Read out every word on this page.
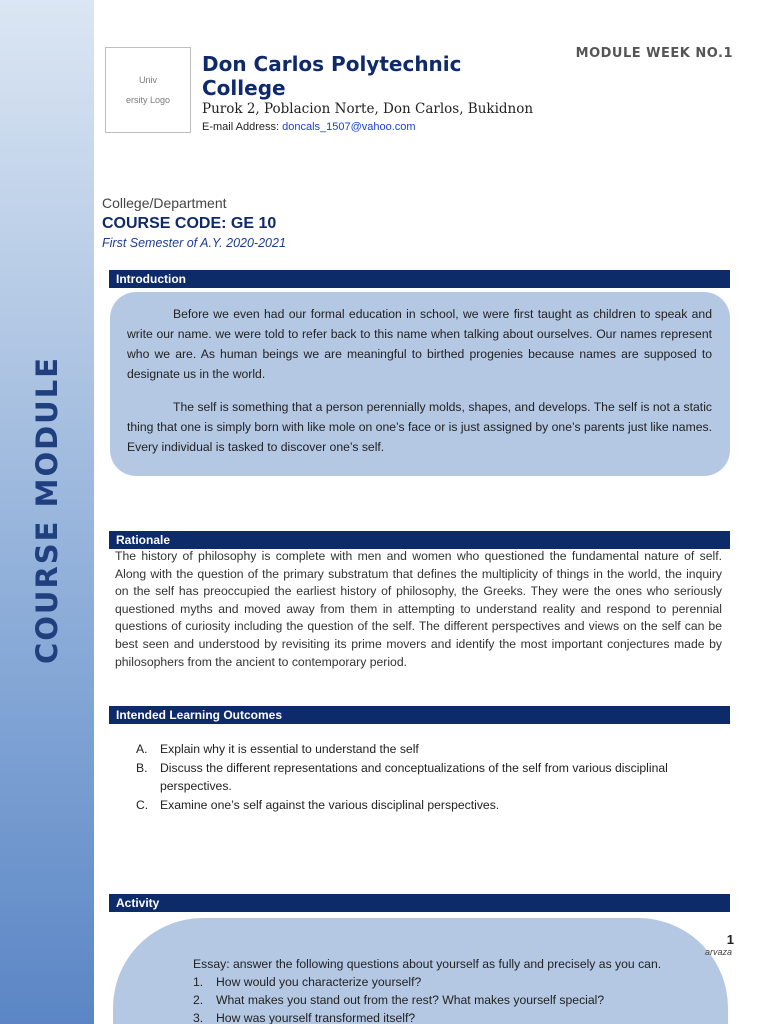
COURSE MODULE
Univ
ersity Logo
Don Carlos Polytechnic College
Purok 2, Poblacion Norte, Don Carlos, Bukidnon
E-mail Address: doncals_1507@vahoo.com
MODULE WEEK NO.1
College/Department
COURSE CODE: GE 10
First Semester of A.Y. 2020-2021
Introduction

Before we even had our formal education in school, we were first taught as children to speak and write our name. we were told to refer back to this name when talking about ourselves. Our names represent who we are. As human beings we are meaningful to birthed progenies because names are supposed to designate us in the world.

The self is something that a person perennially molds, shapes, and develops. The self is not a static thing that one is simply born with like mole on one’s face or is just assigned by one’s parents just like names. Every individual is tasked to discover one’s self.

Rationale
The history of philosophy is complete with men and women who questioned the fundamental nature of self. Along with the question of the primary substratum that defines the multiplicity of things in the world, the inquiry on the self has preoccupied the earliest history of philosophy, the Greeks. They were the ones who seriously questioned myths and moved away from them in attempting to understand reality and respond to perennial questions of curiosity including the question of the self. The different perspectives and views on the self can be best seen and understood by revisiting its prime movers and identify the most important conjectures made by philosophers from the ancient to contemporary period.
Intended Learning Outcomes
A.	Explain why it is essential to understand the self
B.	Discuss the different representations and conceptualizations of the self from various disciplinal perspectives.
C. Examine one’s self against the various disciplinal perspectives.
Activity

Essay: answer the following questions about yourself as fully and precisely as you can.

1.	How would you characterize yourself?
2.	What makes you stand out from the rest? What makes yourself special?
3.	How was yourself transformed itself?
1
arvaza
